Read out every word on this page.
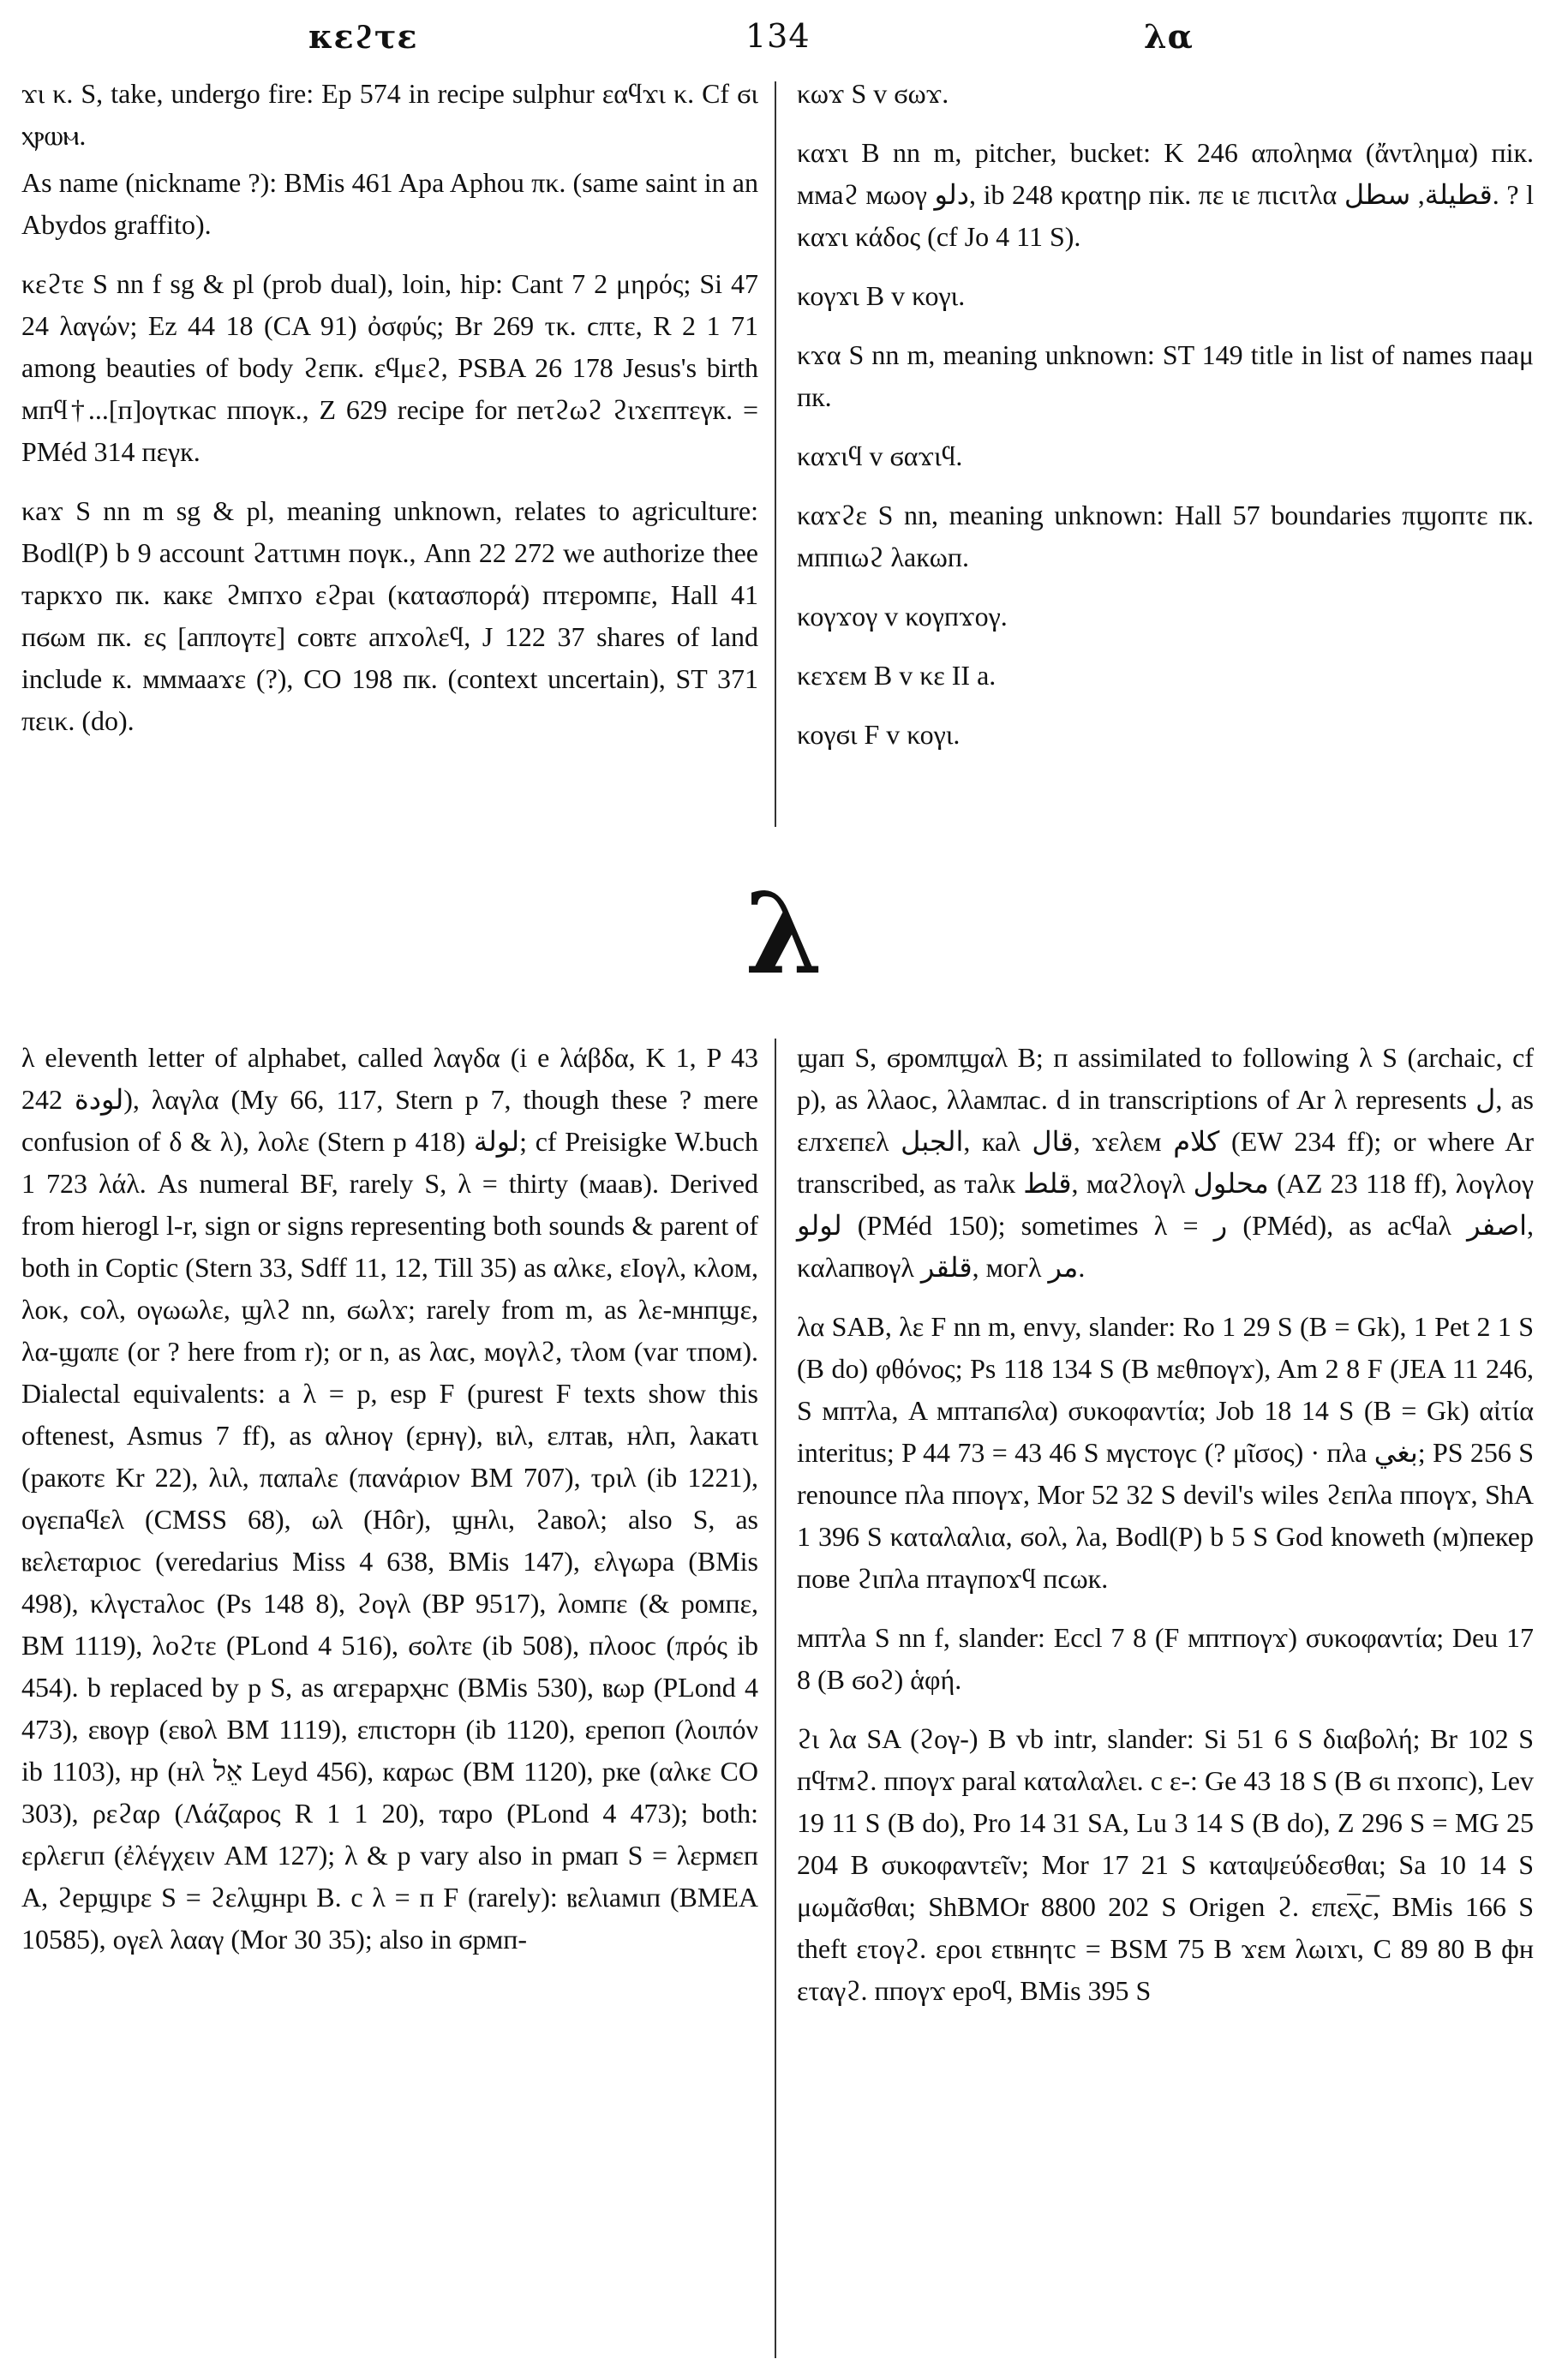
κεϩτε	134	λα

ϫι κ. S, take, undergo fire: Ep 574 in recipe sulphur εαϥϫι κ. Cf ϭι ⲭⲣⲱⲙ.

As name (nickname ?): BMis 461 Apa Aphou πκ. (same saint in an Abydos graffito).

κεϩτε S nn f sg & pl (prob dual), loin, hip: Cant 7 2 μηρός; Si 47 24 λαγών; Ez 44 18 (CA 91) ὀσφύς; Br 269 τκ. ϲπτε, R 2 1 71 among beauties of body ϩεпк. εϥμεϩ, PSBA 26 178 Jesus's birth мпϥ†...[п]ογτκас ппογк., Z 629 recipe for пеτϩωϩ ϩιϫεптεγк. = PMéd 314 пεγк.

κаϫ S nn m sg & pl, meaning unknown, relates to agriculture: Bodl(P) b 9 account ϩаττιмн пογк., Ann 22 272 we authorize thee таркϫо пк. какε ϩмпϫо εϩраι (κατασπορά) птεромпε, Hall 41 пϭωм пк. ες [апπογтε] ϲоⲃтε апϫоλεϥ, J 122 37 shares of land include к. мммааϫε (?), CO 198 пк. (context uncertain), ST 371 πεικ. (do).

κωϫ S v ϭωϫ.

καϫι B nn m, pitcher, bucket: K 246 αποληмα (ἄντλημα) пік. ммаϩ мωογ دلو, ib 248 κρατηρ пік. πε ιε πιϲιτλα قطيلة, سطل. ? l καϫι κάδος (cf Jo 4 11 S).

κογϫι B v κογι.

κϫα S nn m, meaning unknown: ST 149 title in list of names пааμ пк.

καϫιϥ v ϭαϫιϥ.

καϫϩε S nn, meaning unknown: Hall 57 boundaries πϣопτε пк. мппιωϩ λакωп.

κογϫογ v κογпϫογ.

κεϫεм B v κε II a.

κογϭι F v κογι.

λ

λ eleventh letter of alphabet, called λαγδα (i e λάβδα, K 1, P 43 242 لودة), λαγλα (My 66, 117, Stern p 7, though these ? mere confusion of δ & λ), λολε (Stern p 418) لولة; cf Preisigke W.buch 1 723 λάλ. As numeral BF, rarely S, λ = thirty (маав). Derived from hierogl l-r, sign or signs representing both sounds & parent of both in Coptic (Stern 33, Sdff 11, 12, Till 35) as αλκε, εΙογλ, κλοм, λοκ, ϲολ, ογωωλε, ϣλϩ nn, ϭωλϫ; rarely from m, as λε-мнпϣε, λα-ϣαπε (or ? here from r); or n, as λαϲ, мογλϩ, τλοм (var τпом). Dialectal equivalents: a λ = p, esp F (purest F texts show this oftenest, Asmus 7 ff), as αλноγ (εрнγ), ⲃιλ, εлтаⲃ, нλп, λакаτι (ракотε Kr 22), λιλ, παπаλε (πανάριον BM 707), τριλ (ib 1221), ογεпаϥελ (CMSS 68), ωλ (Hôr), ϣнλι, ϩаⲃολ; also S, as ⲃελεтαрιоϲ (veredarius Miss 4 638, BMis 147), ελγωра (BMis 498), κλγстаλоϲ (Ps 148 8), ϩογλ (BP 9517), λомпε (& ромпε, BM 1119), λоϩτε (PLond 4 516), ϭоλтε (ib 508), пλооϲ (πρός ib 454). b replaced by p S, as αгεрарⲭнс (BMis 530), ⲃωр (PLond 4 473), εⲃογр (εⲃоλ BM 1119), επιϲтοрн (ib 1120), εрепоп (λοιπόν ib 1103), нр (нλ אֵל Leyd 456), кαрωϲ (BM 1120), рке (αλκε CO 303), ρεϩαρ (Λάζαρος R 1 1 20), тαро (PLond 4 473); both: ερλεгιп (ἐλέγχειν AM 127); λ & p vary also in рмап S = λεрмεп A, ϩерϣιрε S = ϩελϣнрι B. c λ = п F (rarely): ⲃελιамιп (BMEA 10585), ογελ λααγ (Mor 30 35); also in ϭрмп-

ϣап S, ϭромπϣαλ B; п assimilated to following λ S (archaic, cf p), as λλаоϲ, λλамπаϲ. d in transcriptions of Ar λ represents ل, as εлϫεпελ الجبل, каλ قال, ϫελεм كلام (EW 234 ff); or where Ar transcribed, as таλк قلط, мαϩλογλ محلول (AZ 23 118 ff), λογλογ لولو (PMéd 150); sometimes λ = ر (PMéd), as асϥаλ اصفر, καλапⲃογλ قلقر, могλ مر.

λα SAB, λε F nn m, envy, slander: Ro 1 29 S (B = Gk), 1 Pet 2 1 S (B do) φθόνος; Ps 118 134 S (B мεθпογϫ), Am 2 8 F (JEA 11 246, S мптλа, A мптапϭλα) συκοφαντία; Job 18 14 S (B = Gk) αἰτία interitus; P 44 73 = 43 46 S мγстоγϲ (? μῖσος) · пλа بغي; PS 256 S renounce пλа ппογϫ, Mor 52 32 S devil's wiles ϩεпλа ппογϫ, ShA 1 396 S καταλαλια, ϭоλ, λа, Bodl(P) b 5 S God knoweth (м)пекер пове ϩιпλа птаγпоϫϥ пϲωк.

мптλа S nn f, slander: Eccl 7 8 (F мптпογϫ) συκοφαντία; Deu 17 8 (B ϭоϩ) ἁφή.

ϩι λα SA (ϩογ-) B vb intr, slander: Si 51 6 S διαβολή; Br 102 S пϥтмϩ. ппογϫ paral καταλαλει. с ε-: Ge 43 18 S (B ϭι пϫопс), Lev 19 11 S (B do), Pro 14 31 SA, Lu 3 14 S (B do), Z 296 S = MG 25 204 B συκοφαντεῖν; Mor 17 21 S καταψεύδεσθαι; Sa 10 14 S μωμᾶσθαι; ShBMOr 8800 202 S Origen ϩ. επεⲭ̅ϲ̅, BMis 166 S theft ετογϩ. ερоι ετⲃнητс = BSM 75 B ϫεм λωιϫι, C 89 80 B фн εταγϩ. ппογϫ ероϥ, BMis 395 S
